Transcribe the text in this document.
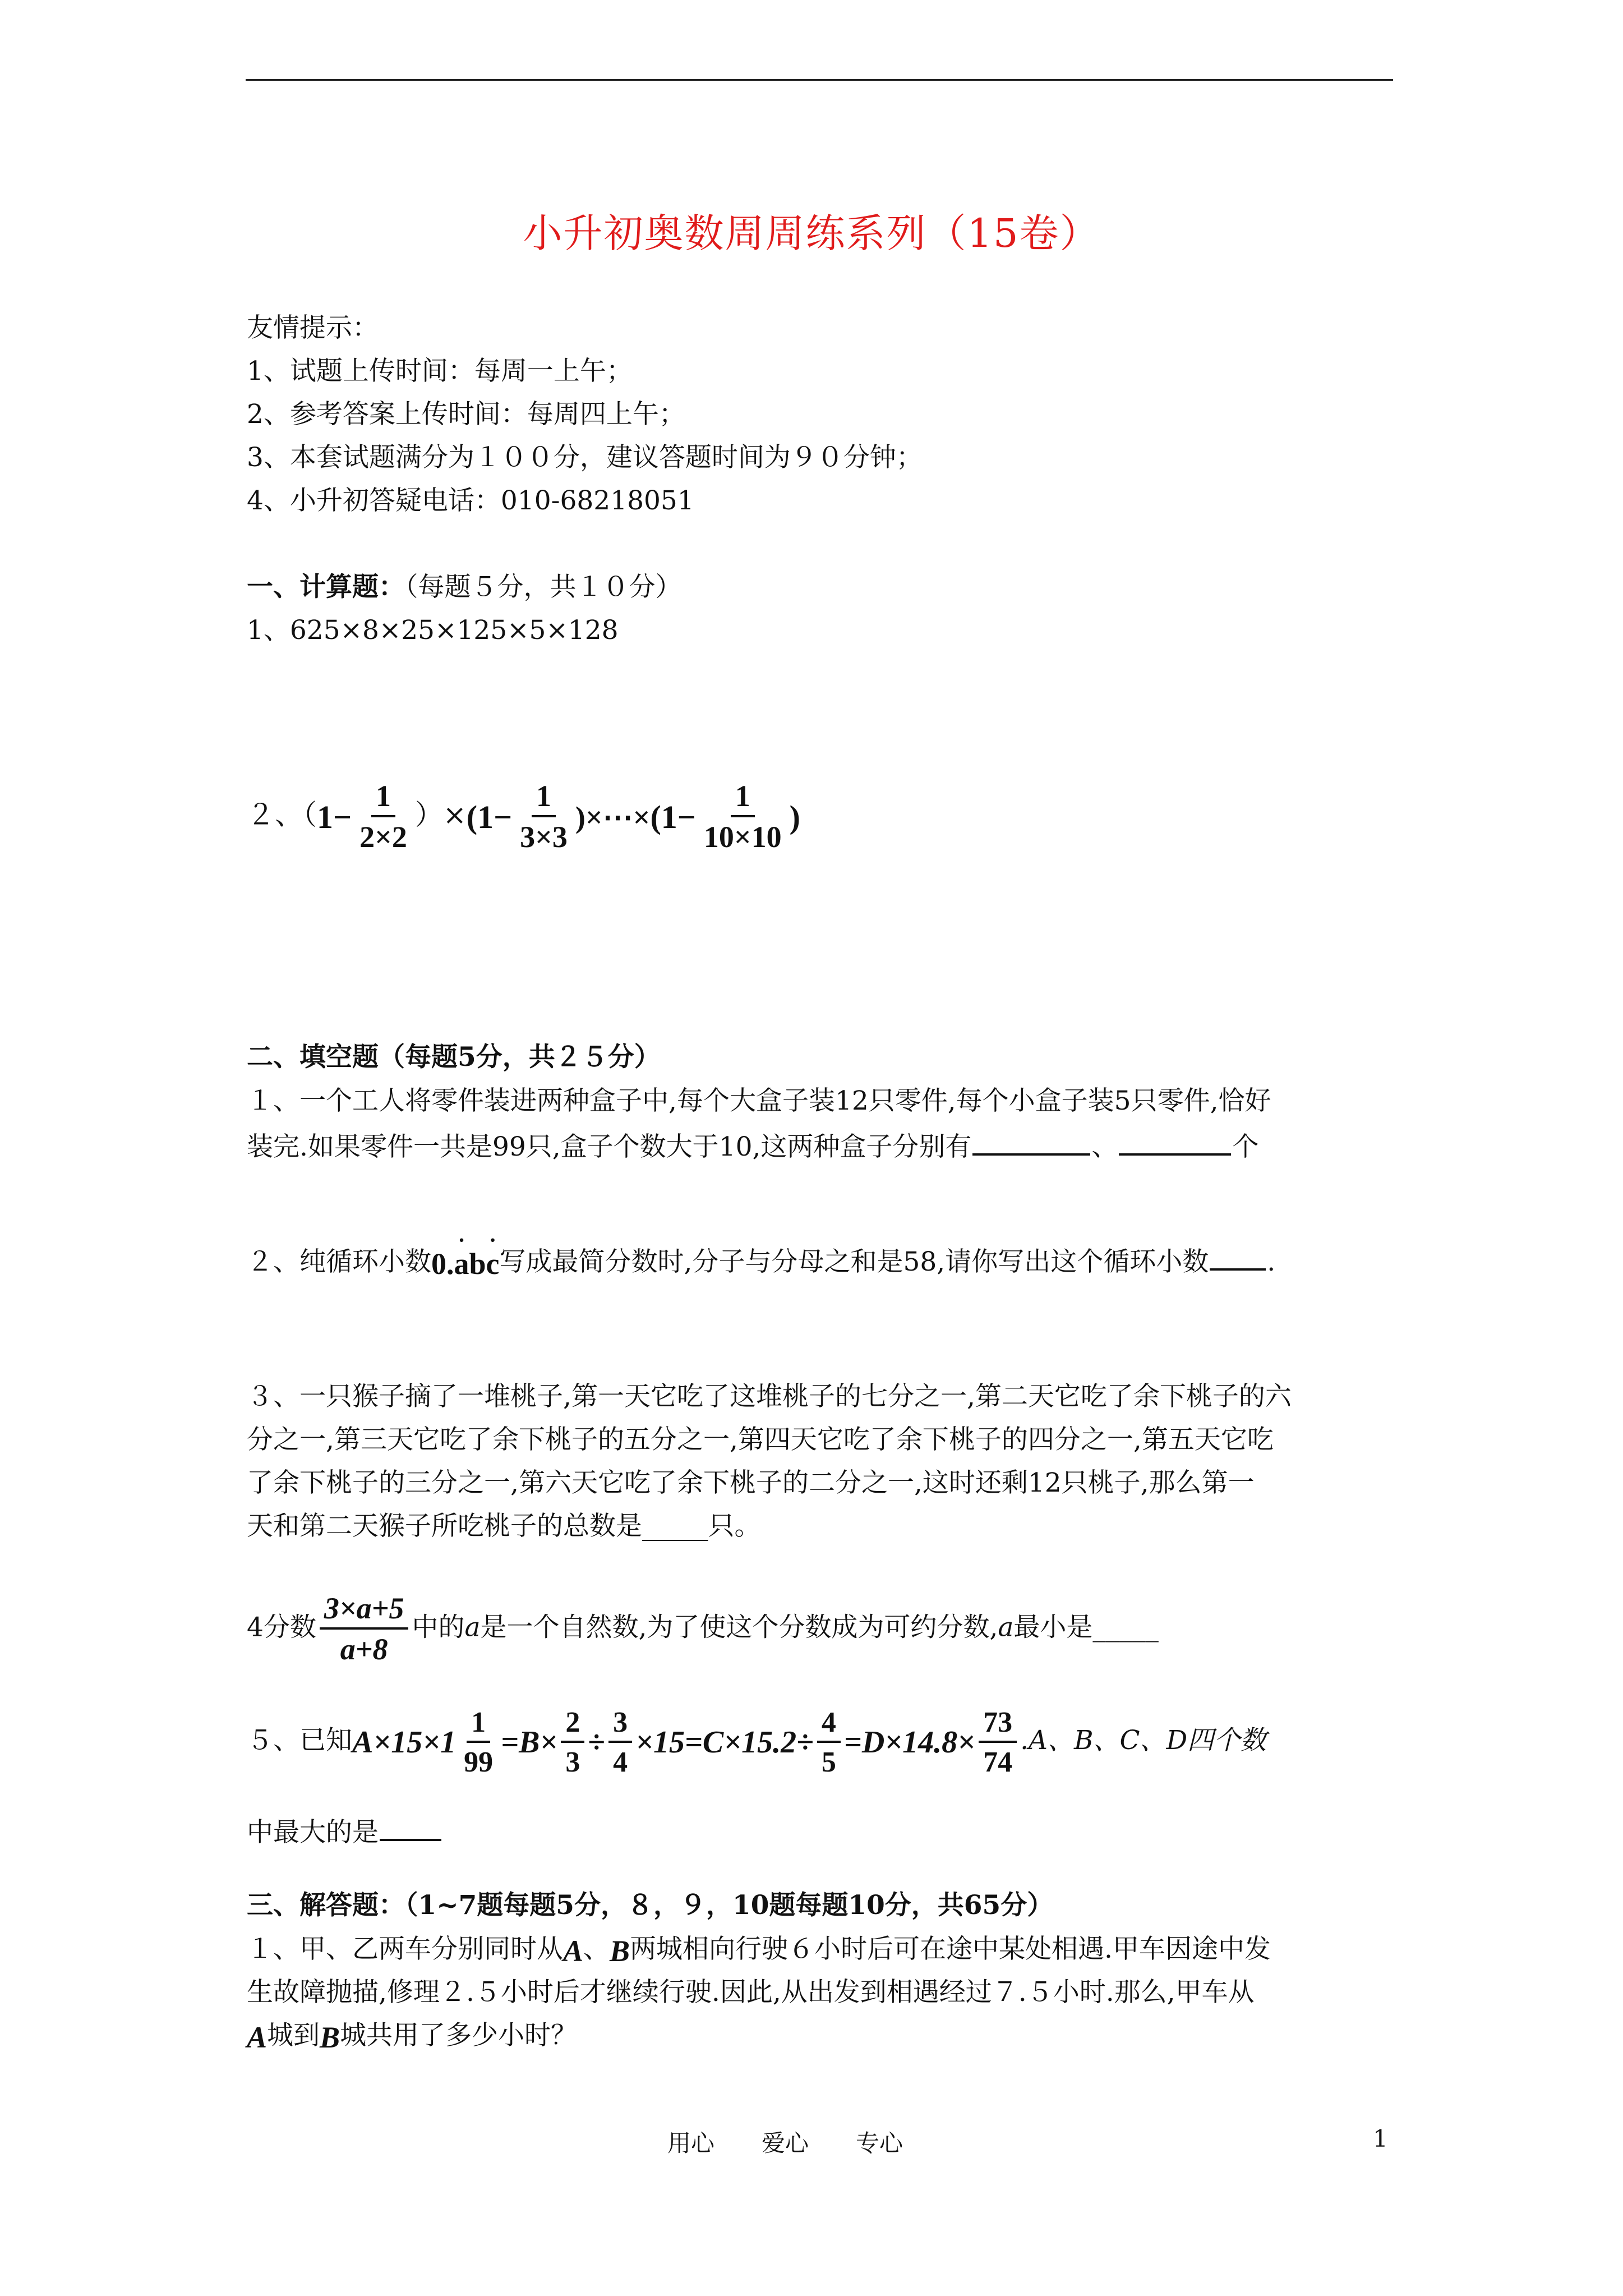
小升初奥数周周练系列（15卷）
友情提示：
1、试题上传时间：每周一上午；
2、参考答案上传时间：每周四上午；
3、本套试题满分为１００分，建议答题时间为９０分钟；
4、小升初答疑电话：010-68218051
一、计算题：（每题５分，共１０分）
1、625×8×25×125×5×128
２、$(1- \frac{1}{2\times 2} )\times(1- \frac{1}{3\times 3}$ )×⋯×(1− $\frac{1}{10\times 10}$ )
二、填空题（每题5分，共２５分）
１、一个工人将零件装进两种盒子中,每个大盒子装12只零件,每个小盒子装5只零件,恰好
装完.如果零件一共是99只,盒子个数大于10,这两种盒子分别有	、	个
２、纯循环小数0.· ab· c写成最简分数时,分子与分母之和是58,请你写出这个循环小数 .
３、一只猴子摘了一堆桃子,第一天它吃了这堆桃子的七分之一,第二天它吃了余下桃子的六
分之一,第三天它吃了余下桃子的五分之一,第四天它吃了余下桃子的四分之一,第五天它吃
了余下桃子的三分之一,第六天它吃了余下桃子的二分之一,这时还剩12只桃子,那么第一
天和第二天猴子所吃桃子的总数是_____只。
4分数 $\frac{3\times a+5}{a+8}$ 中的a是一个自然数,为了使这个分数成为可约分数,a最小是_____
５、已知$A\times 15\times 1 \frac{1}{99} =B\times \frac{2}{3} \div \frac{3}{4} \times 15=C\times 15.2\div \frac{4}{5} =D\times 14.8\times \frac{73}{74} .A$、B、C、D四个数
中最大的是
三、解答题：（1~7题每题5分，８，９，10题每题10分，共65分）
１、甲、乙两车分别同时从A、B两城相向行驶６小时后可在途中某处相遇.甲车因途中发
生故障抛描,修理２.５小时后才继续行驶.因此,从出发到相遇经过７.５小时.那么,甲车从
A城到B城共用了多少小时？
用心　　爱心　　专心	1
